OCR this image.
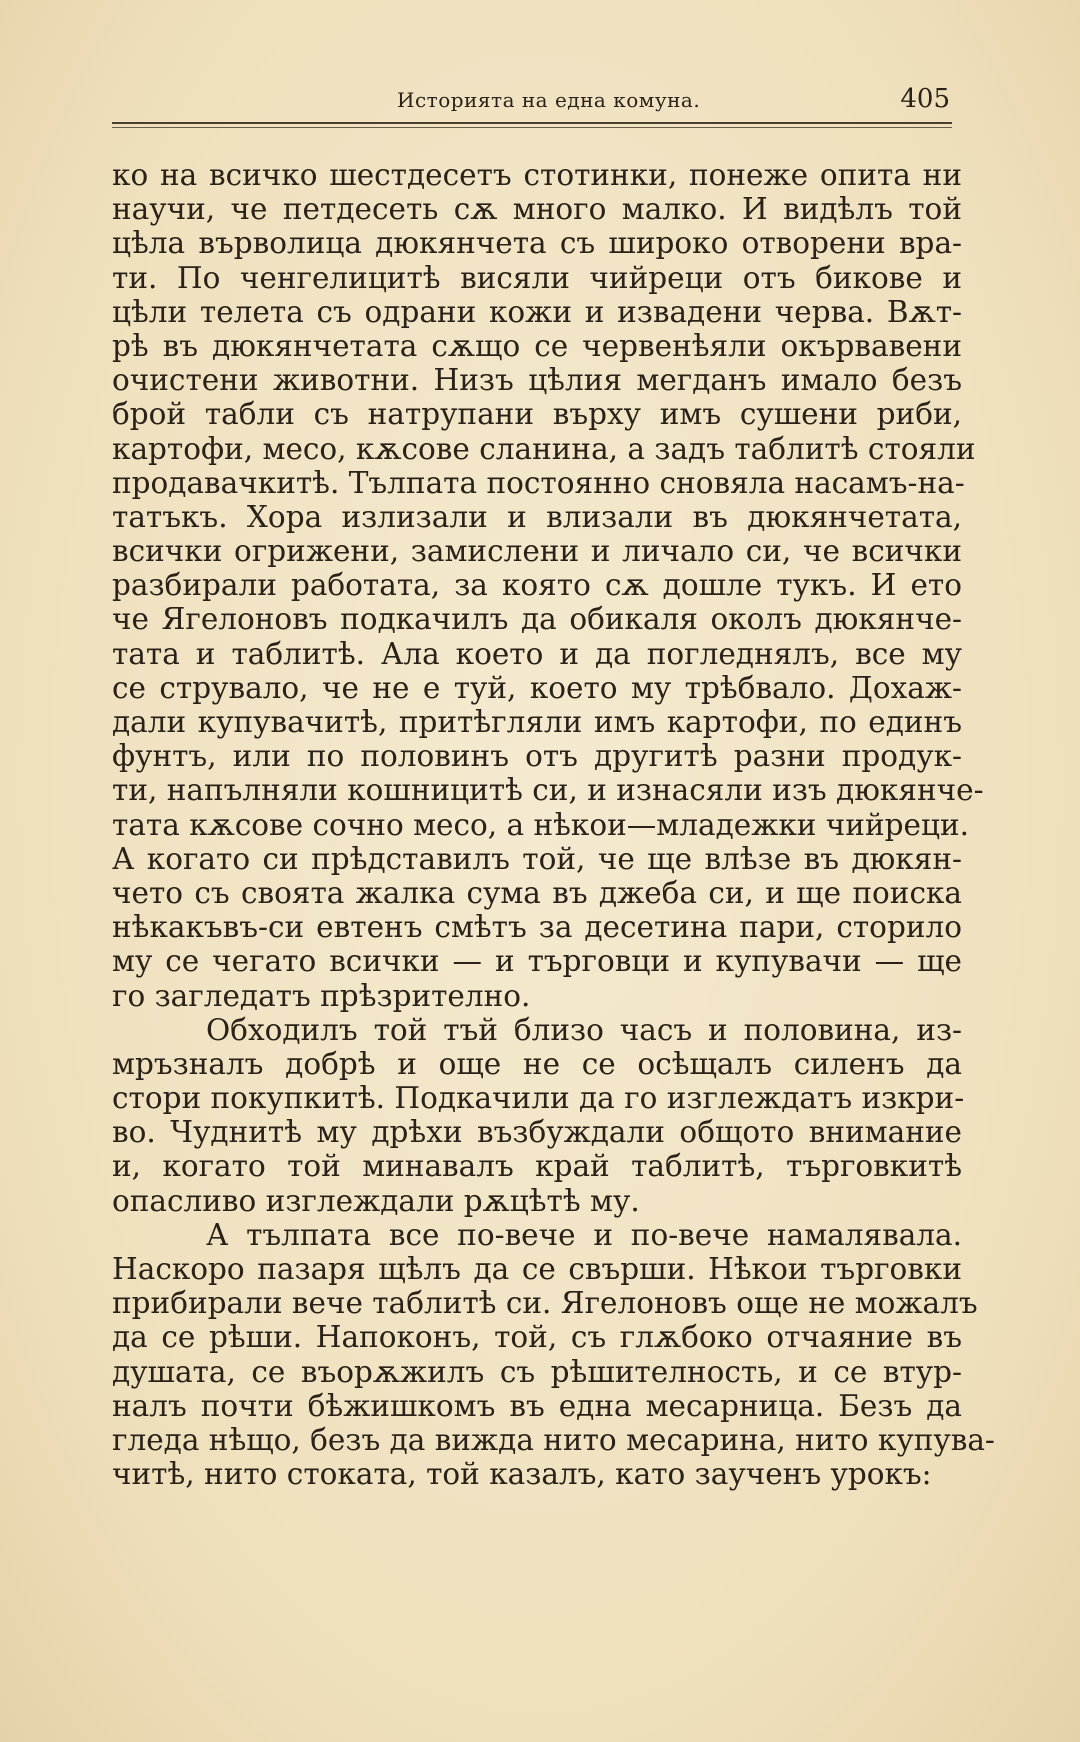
Историята на една комуна.	405
ко на всичко шестдесетъ стотинки, понеже опита ни
научи, че петдесеть сѫ много малко. И видѣлъ той
цѣла върволица дюкянчета съ широко отворени вра-
ти. По ченгелицитѣ висяли чийреци отъ бикове и
цѣли телета съ одрани кожи и извадени черва. Вѫт-
рѣ въ дюкянчетата сѫщо се червенѣяли окървавени
очистени животни. Низъ цѣлия мегданъ имало безъ
брой табли съ натрупани върху имъ сушени риби,
картофи, месо, кѫсове сланина, а задъ таблитѣ стояли
продавачкитѣ. Тълпата постоянно сновяла насамъ-на-
татъкъ. Хора излизали и влизали въ дюкянчетата,
всички огрижени, замислени и личало си, че всички
разбирали работата, за която сѫ дошле тукъ. И ето
че Ягелоновъ подкачилъ да обикаля околъ дюкянче-
тата и таблитѣ. Ала което и да погледнялъ, все му
се струвало, че не е туй, което му трѣбвало. Дохаж-
дали купувачитѣ, притѣгляли имъ картофи, по единъ
фунтъ, или по половинъ отъ другитѣ разни продук-
ти, напълняли кошницитѣ си, и изнасяли изъ дюкянче-
тата кѫсове сочно месо, а нѣкои—младежки чийреци.
А когато си прѣдставилъ той, че ще влѣзе въ дюкян-
чето съ своята жалка сума въ джеба си, и ще поиска
нѣкакъвъ-си евтенъ смѣтъ за десетина пари, сторило
му се чегато всички — и търговци и купувачи — ще
го загледатъ прѣзрително.
Обходилъ той тъй близо часъ и половина, из-
мръзналъ добрѣ и още не се осѣщалъ силенъ да
стори покупкитѣ. Подкачили да го изглеждатъ изкри-
во. Чуднитѣ му дрѣхи възбуждали общото внимание
и, когато той минавалъ край таблитѣ, търговкитѣ
опасливо изглеждали рѫцѣтѣ му.
А тълпата все по-вече и по-вече намалявала.
Наскоро пазаря щѣлъ да се свърши. Нѣкои търговки
прибирали вече таблитѣ си. Ягелоновъ още не можалъ
да се рѣши. Напоконъ, той, съ глѫбоко отчаяние въ
душата, се въорѫжилъ съ рѣшителность, и се втур-
налъ почти бѣжишкомъ въ една месарница. Безъ да
гледа нѣщо, безъ да вижда нито месарина, нито купува-
читѣ, нито стоката, той казалъ, като заученъ урокъ:
